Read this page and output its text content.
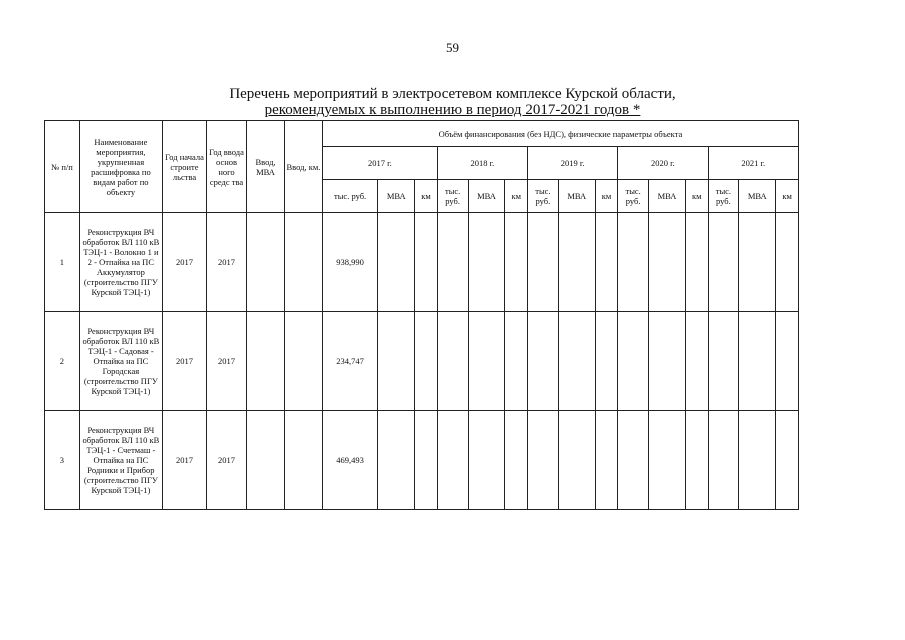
59
Перечень мероприятий в электросетевом комплексе Курской области,
рекомендуемых к выполнению в период 2017-2021 годов *
№ п/п	Наименование мероприятия, укрупненная расшифровка по видам работ по объекту	Год начала строите льства	Год ввода основ ного средс тва	Ввод, МВА	Ввод, км.	Объём финансирования (без НДС), физические параметры объекта														
						2017 г.			2018 г.			2019 г.			2020 г.			2021 г.		
						тыс. руб.	МВА	км	тыс. руб.	МВА	км	тыс. руб.	МВА	км	тыс. руб.	МВА	км	тыс. руб.	МВА	км
1	Реконструкция ВЧ обработок ВЛ 110 кВ ТЭЦ-1 - Волокно 1 и 2 - Отпайка на ПС Аккумулятор (строительство ПГУ Курской ТЭЦ-1)	2017	2017			938,990														
2	Реконструкция ВЧ обработок ВЛ 110 кВ ТЭЦ-1 - Садовая - Отпайка на ПС Городская (строительство ПГУ Курской ТЭЦ-1)	2017	2017			234,747														
3	Реконструкция ВЧ обработок ВЛ 110 кВ ТЭЦ-1 - Счетмаш - Отпайка на ПС Родники и Прибор (строительство ПГУ Курской ТЭЦ-1)	2017	2017			469,493														
